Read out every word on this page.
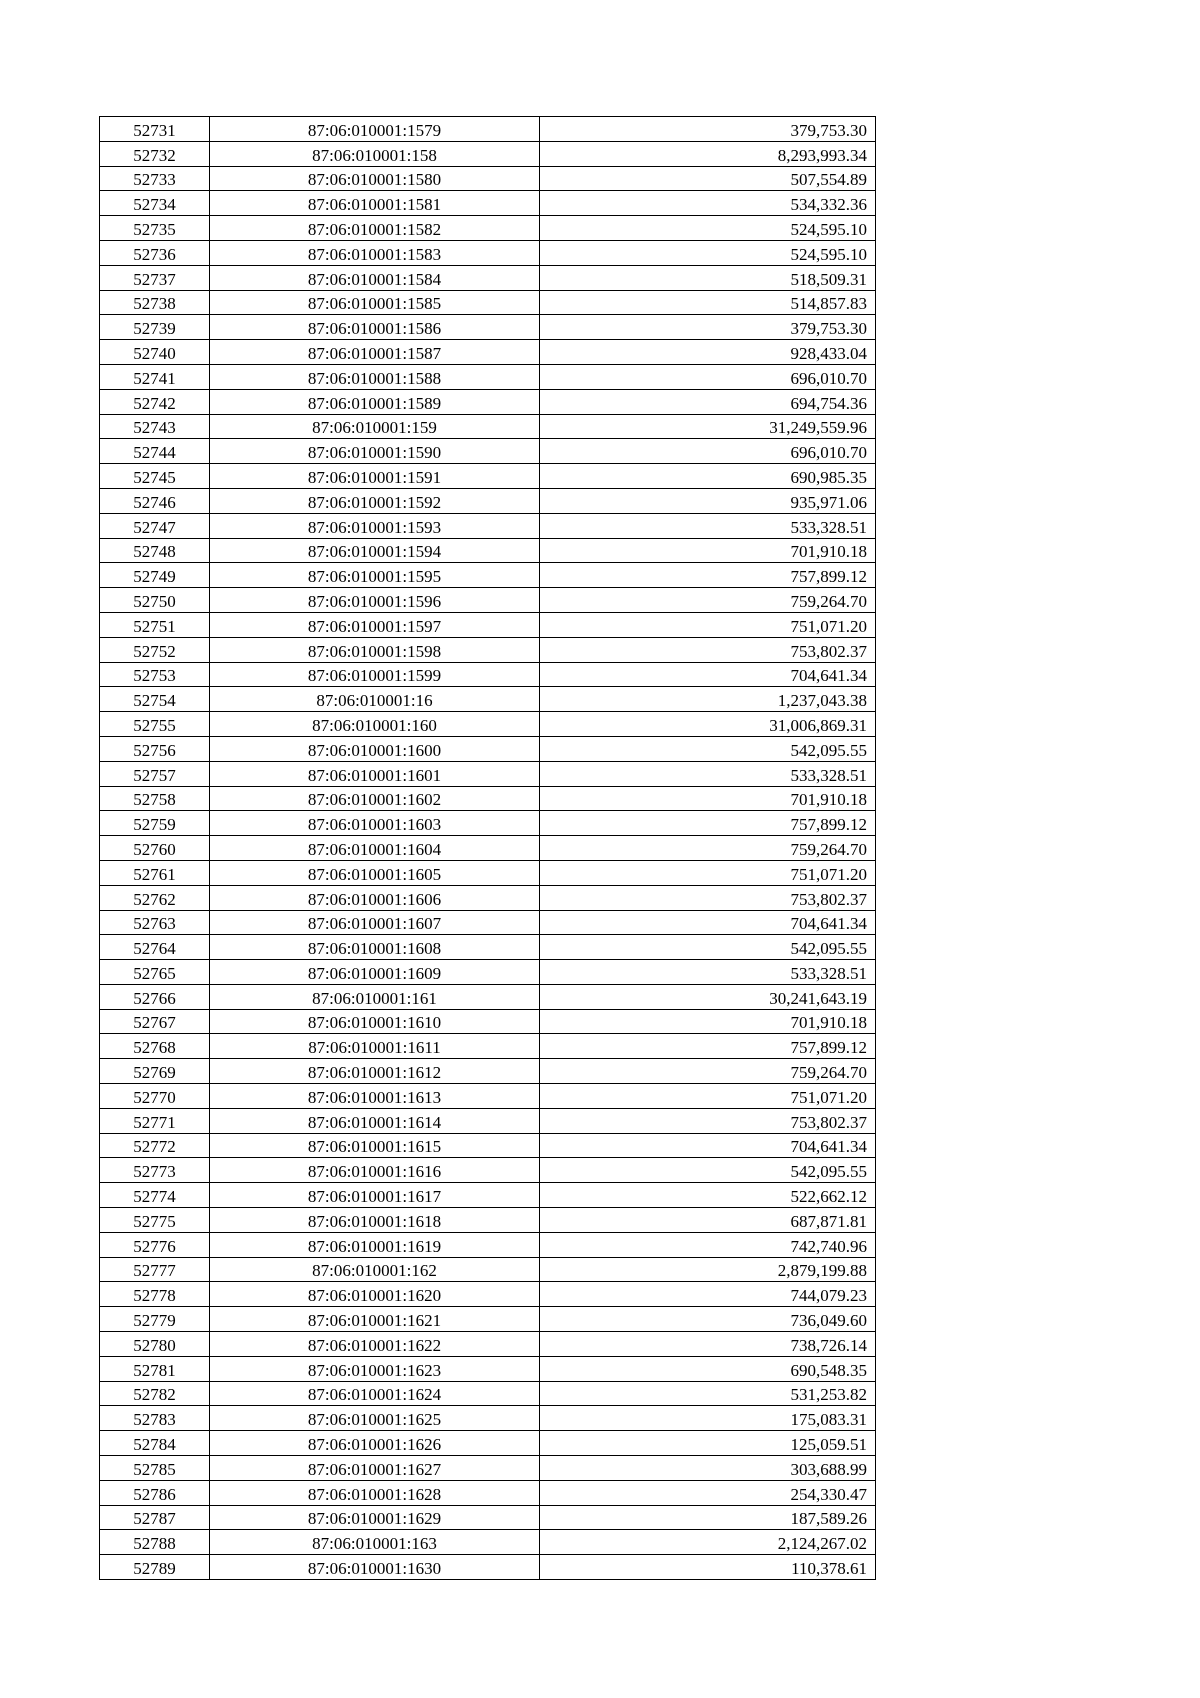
52731	87:06:010001:1579	379,753.30
52732	87:06:010001:158	8,293,993.34
52733	87:06:010001:1580	507,554.89
52734	87:06:010001:1581	534,332.36
52735	87:06:010001:1582	524,595.10
52736	87:06:010001:1583	524,595.10
52737	87:06:010001:1584	518,509.31
52738	87:06:010001:1585	514,857.83
52739	87:06:010001:1586	379,753.30
52740	87:06:010001:1587	928,433.04
52741	87:06:010001:1588	696,010.70
52742	87:06:010001:1589	694,754.36
52743	87:06:010001:159	31,249,559.96
52744	87:06:010001:1590	696,010.70
52745	87:06:010001:1591	690,985.35
52746	87:06:010001:1592	935,971.06
52747	87:06:010001:1593	533,328.51
52748	87:06:010001:1594	701,910.18
52749	87:06:010001:1595	757,899.12
52750	87:06:010001:1596	759,264.70
52751	87:06:010001:1597	751,071.20
52752	87:06:010001:1598	753,802.37
52753	87:06:010001:1599	704,641.34
52754	87:06:010001:16	1,237,043.38
52755	87:06:010001:160	31,006,869.31
52756	87:06:010001:1600	542,095.55
52757	87:06:010001:1601	533,328.51
52758	87:06:010001:1602	701,910.18
52759	87:06:010001:1603	757,899.12
52760	87:06:010001:1604	759,264.70
52761	87:06:010001:1605	751,071.20
52762	87:06:010001:1606	753,802.37
52763	87:06:010001:1607	704,641.34
52764	87:06:010001:1608	542,095.55
52765	87:06:010001:1609	533,328.51
52766	87:06:010001:161	30,241,643.19
52767	87:06:010001:1610	701,910.18
52768	87:06:010001:1611	757,899.12
52769	87:06:010001:1612	759,264.70
52770	87:06:010001:1613	751,071.20
52771	87:06:010001:1614	753,802.37
52772	87:06:010001:1615	704,641.34
52773	87:06:010001:1616	542,095.55
52774	87:06:010001:1617	522,662.12
52775	87:06:010001:1618	687,871.81
52776	87:06:010001:1619	742,740.96
52777	87:06:010001:162	2,879,199.88
52778	87:06:010001:1620	744,079.23
52779	87:06:010001:1621	736,049.60
52780	87:06:010001:1622	738,726.14
52781	87:06:010001:1623	690,548.35
52782	87:06:010001:1624	531,253.82
52783	87:06:010001:1625	175,083.31
52784	87:06:010001:1626	125,059.51
52785	87:06:010001:1627	303,688.99
52786	87:06:010001:1628	254,330.47
52787	87:06:010001:1629	187,589.26
52788	87:06:010001:163	2,124,267.02
52789	87:06:010001:1630	110,378.61
